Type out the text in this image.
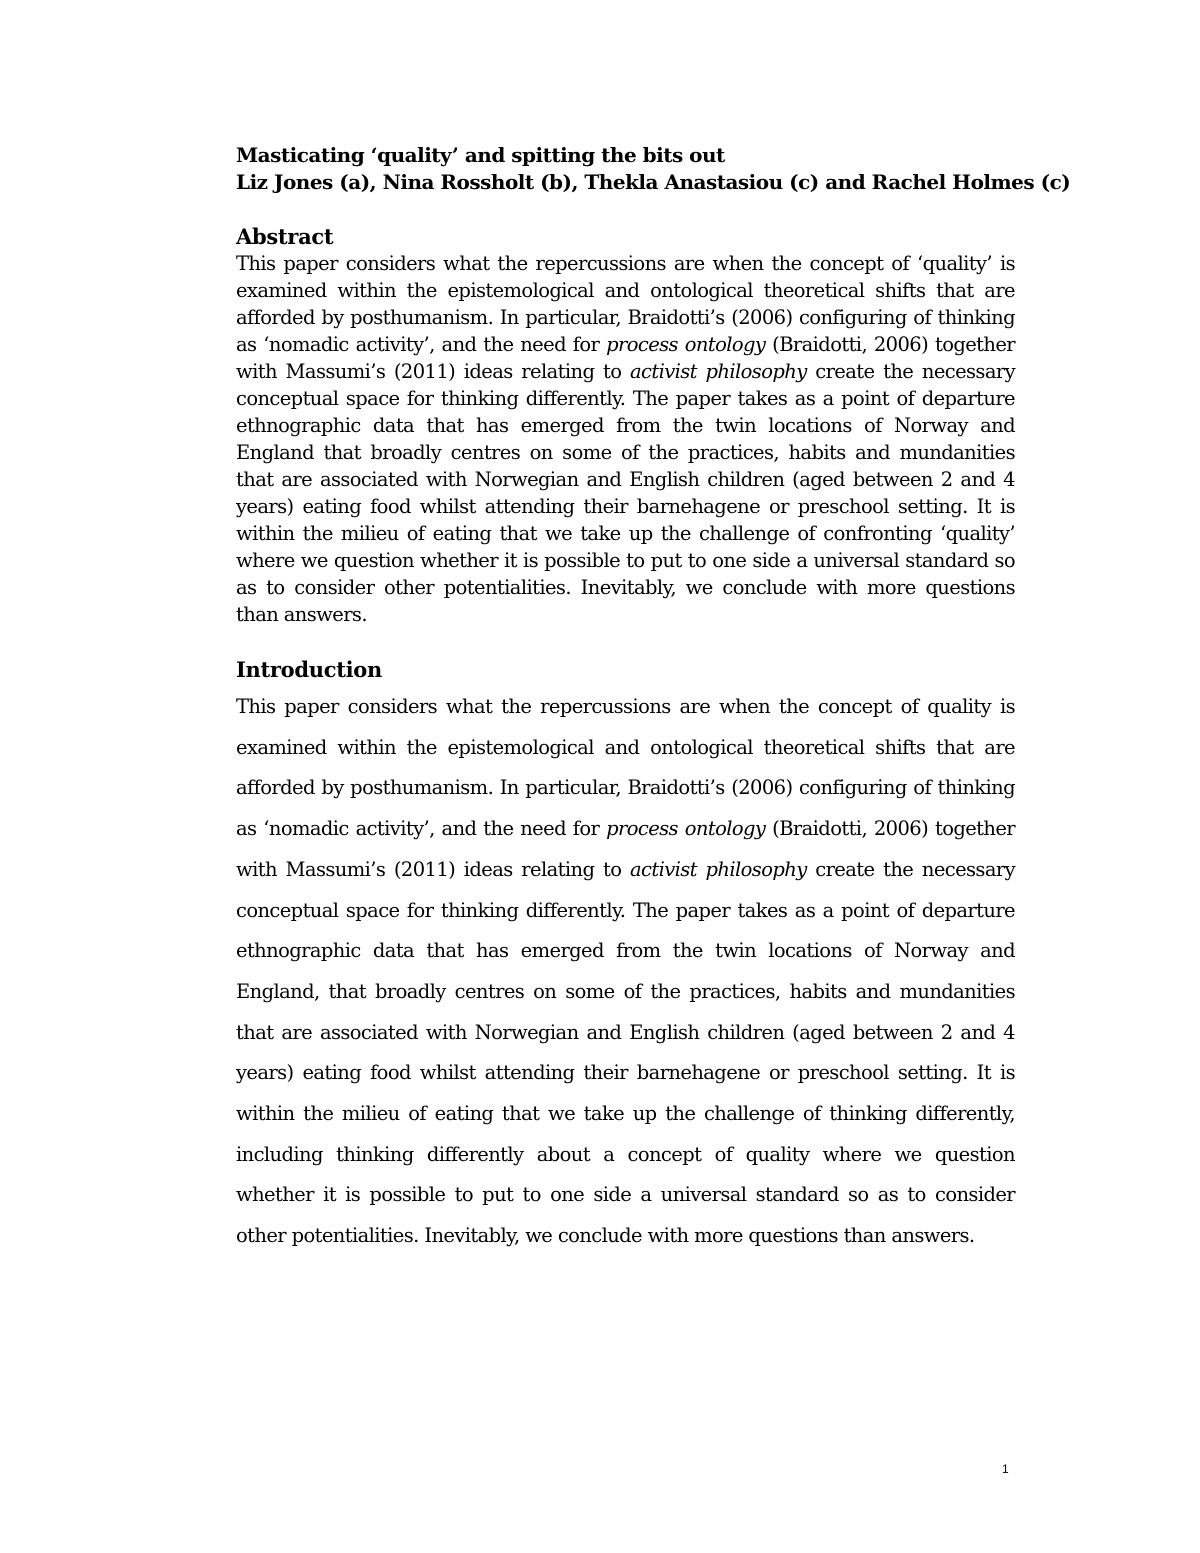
Masticating ‘quality’ and spitting the bits out

Liz Jones (a), Nina Rossholt (b), Thekla Anastasiou (c) and Rachel Holmes (c)

Abstract

This paper considers what the repercussions are when the concept of ‘quality’ is examined within the epistemological and ontological theoretical shifts that are afforded by posthumanism. In particular, Braidotti’s (2006) configuring of thinking as ‘nomadic activity’, and the need for process ontology (Braidotti, 2006) together with Massumi’s (2011) ideas relating to activist philosophy create the necessary conceptual space for thinking differently. The paper takes as a point of departure ethnographic data that has emerged from the twin locations of Norway and England that broadly centres on some of the practices, habits and mundanities that are associated with Norwegian and English children (aged between 2 and 4 years) eating food whilst attending their barnehagene or preschool setting. It is within the milieu of eating that we take up the challenge of confronting ‘quality’ where we question whether it is possible to put to one side a universal standard so as to consider other potentialities. Inevitably, we conclude with more questions than answers.

Introduction

This paper considers what the repercussions are when the concept of quality is examined within the epistemological and ontological theoretical shifts that are afforded by posthumanism. In particular, Braidotti’s (2006) configuring of thinking as ‘nomadic activity’, and the need for process ontology (Braidotti, 2006) together with Massumi’s (2011) ideas relating to activist philosophy create the necessary conceptual space for thinking differently. The paper takes as a point of departure ethnographic data that has emerged from the twin locations of Norway and England, that broadly centres on some of the practices, habits and mundanities that are associated with Norwegian and English children (aged between 2 and 4 years) eating food whilst attending their barnehagene or preschool setting. It is within the milieu of eating that we take up the challenge of thinking differently, including thinking differently about a concept of quality where we question whether it is possible to put to one side a universal standard so as to consider other potentialities. Inevitably, we conclude with more questions than answers.

1
